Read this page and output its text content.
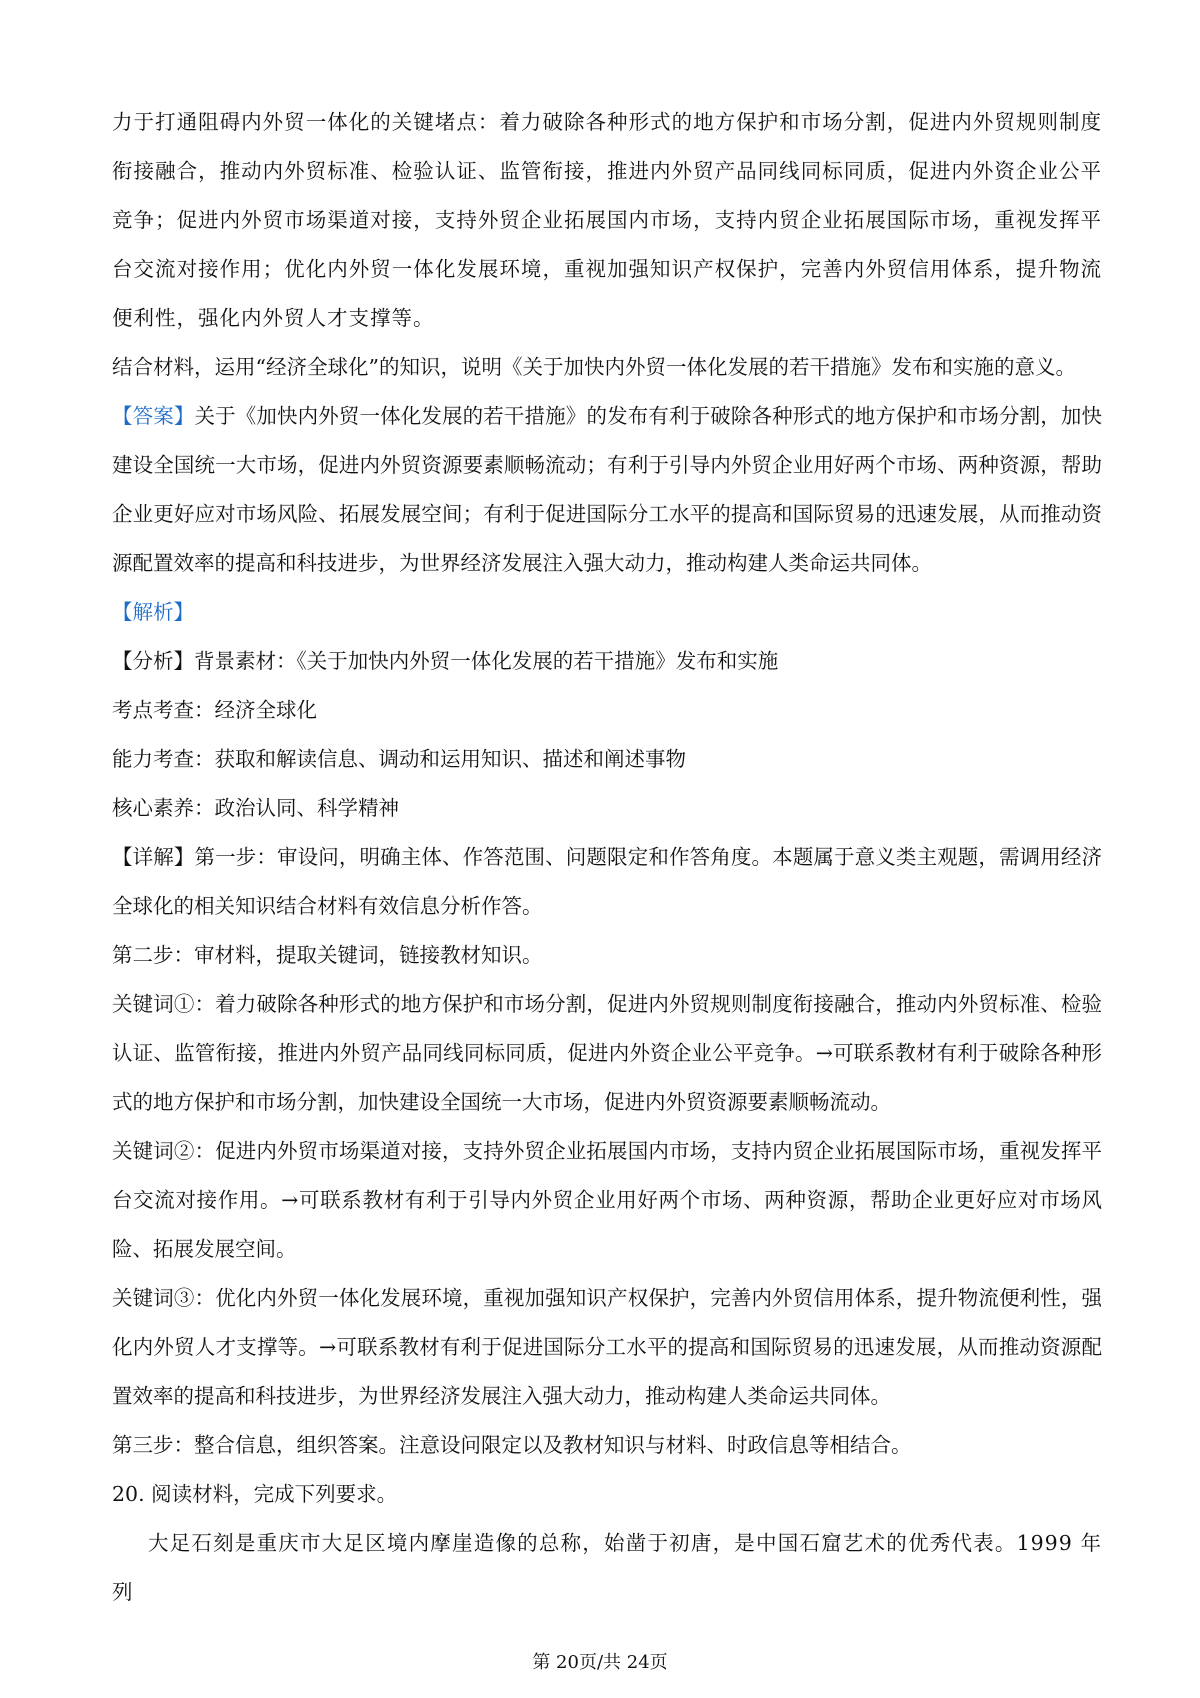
力于打通阻碍内外贸一体化的关键堵点：着力破除各种形式的地方保护和市场分割，促进内外贸规则制度衔接融合，推动内外贸标准、检验认证、监管衔接，推进内外贸产品同线同标同质，促进内外资企业公平竞争；促进内外贸市场渠道对接，支持外贸企业拓展国内市场，支持内贸企业拓展国际市场，重视发挥平台交流对接作用；优化内外贸一体化发展环境，重视加强知识产权保护，完善内外贸信用体系，提升物流便利性，强化内外贸人才支撑等。

结合材料，运用“经济全球化”的知识，说明《关于加快内外贸一体化发展的若干措施》发布和实施的意义。

【答案】关于《加快内外贸一体化发展的若干措施》的发布有利于破除各种形式的地方保护和市场分割，加快建设全国统一大市场，促进内外贸资源要素顺畅流动；有利于引导内外贸企业用好两个市场、两种资源，帮助企业更好应对市场风险、拓展发展空间；有利于促进国际分工水平的提高和国际贸易的迅速发展，从而推动资源配置效率的提高和科技进步，为世界经济发展注入强大动力，推动构建人类命运共同体。

【解析】

【分析】背景素材：《关于加快内外贸一体化发展的若干措施》发布和实施

考点考查：经济全球化

能力考查：获取和解读信息、调动和运用知识、描述和阐述事物

核心素养：政治认同、科学精神

【详解】第一步：审设问，明确主体、作答范围、问题限定和作答角度。本题属于意义类主观题，需调用经济全球化的相关知识结合材料有效信息分析作答。

第二步：审材料，提取关键词，链接教材知识。

关键词①：着力破除各种形式的地方保护和市场分割，促进内外贸规则制度衔接融合，推动内外贸标准、检验认证、监管衔接，推进内外贸产品同线同标同质，促进内外资企业公平竞争。→可联系教材有利于破除各种形式的地方保护和市场分割，加快建设全国统一大市场，促进内外贸资源要素顺畅流动。

关键词②：促进内外贸市场渠道对接，支持外贸企业拓展国内市场，支持内贸企业拓展国际市场，重视发挥平台交流对接作用。→可联系教材有利于引导内外贸企业用好两个市场、两种资源，帮助企业更好应对市场风险、拓展发展空间。

关键词③：优化内外贸一体化发展环境，重视加强知识产权保护，完善内外贸信用体系，提升物流便利性，强化内外贸人才支撑等。→可联系教材有利于促进国际分工水平的提高和国际贸易的迅速发展，从而推动资源配置效率的提高和科技进步，为世界经济发展注入强大动力，推动构建人类命运共同体。

第三步：整合信息，组织答案。注意设问限定以及教材知识与材料、时政信息等相结合。

20. 阅读材料，完成下列要求。

大足石刻是重庆市大足区境内摩崖造像的总称，始凿于初唐，是中国石窟艺术的优秀代表。1999 年列

第 20页/共 24页
